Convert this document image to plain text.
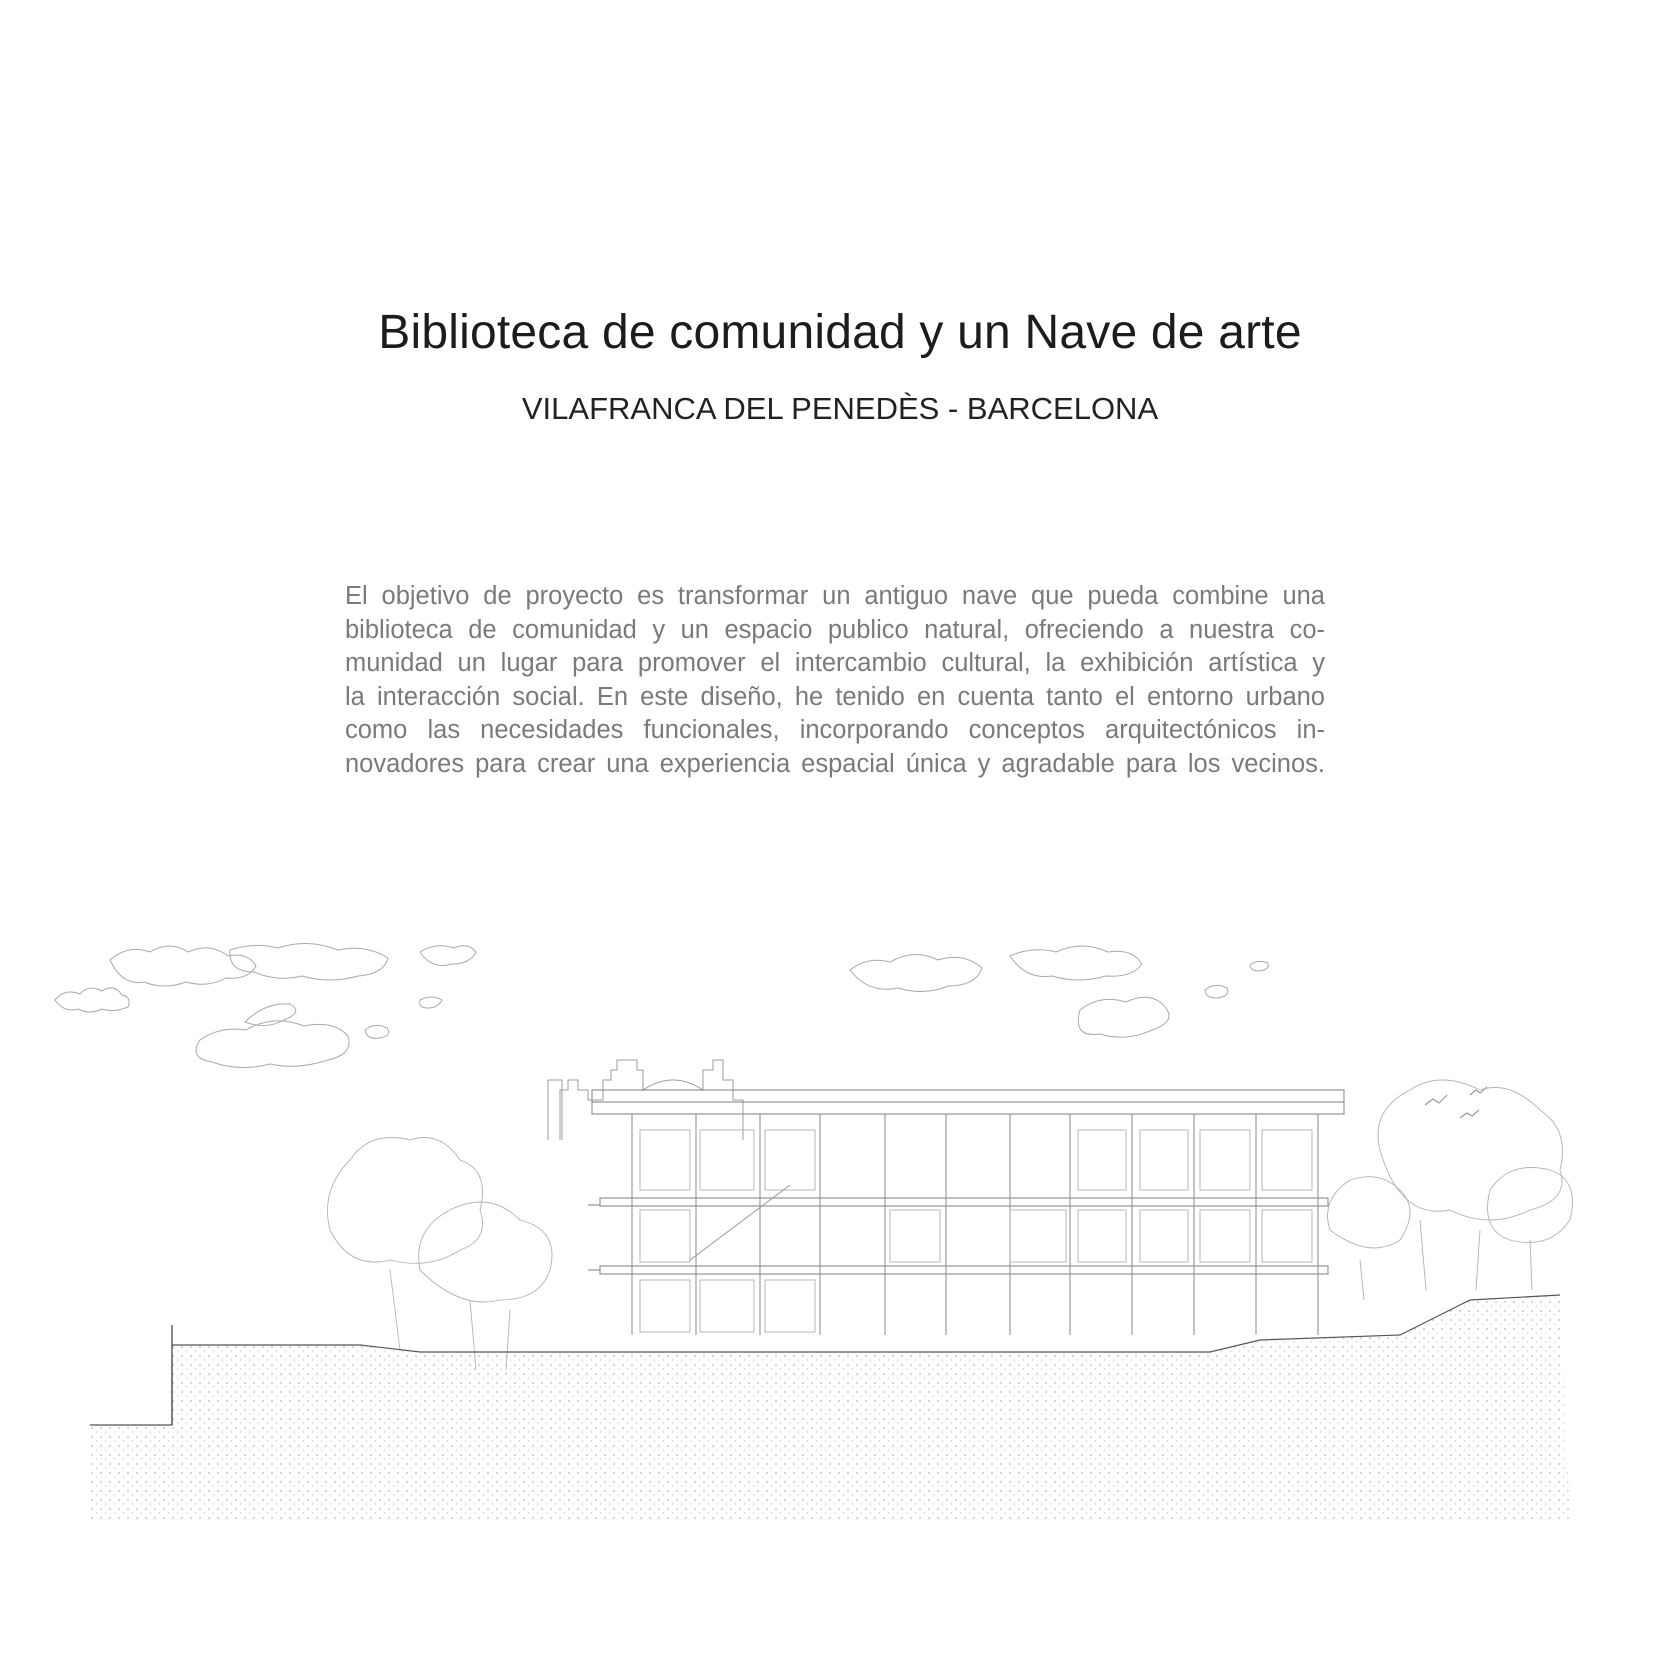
Biblioteca de comunidad y un Nave de arte
VILAFRANCA DEL PENEDÈS - BARCELONA

El objetivo de proyecto es transformar un antiguo nave que pueda combine una
biblioteca de comunidad y un espacio publico natural, ofreciendo a nuestra co-
munidad un lugar para promover el intercambio cultural, la exhibición artística y
la interacción social. En este diseño, he tenido en cuenta tanto el entorno urbano
como las necesidades funcionales, incorporando conceptos arquitectónicos in-
novadores para crear una experiencia espacial única y agradable para los vecinos.
